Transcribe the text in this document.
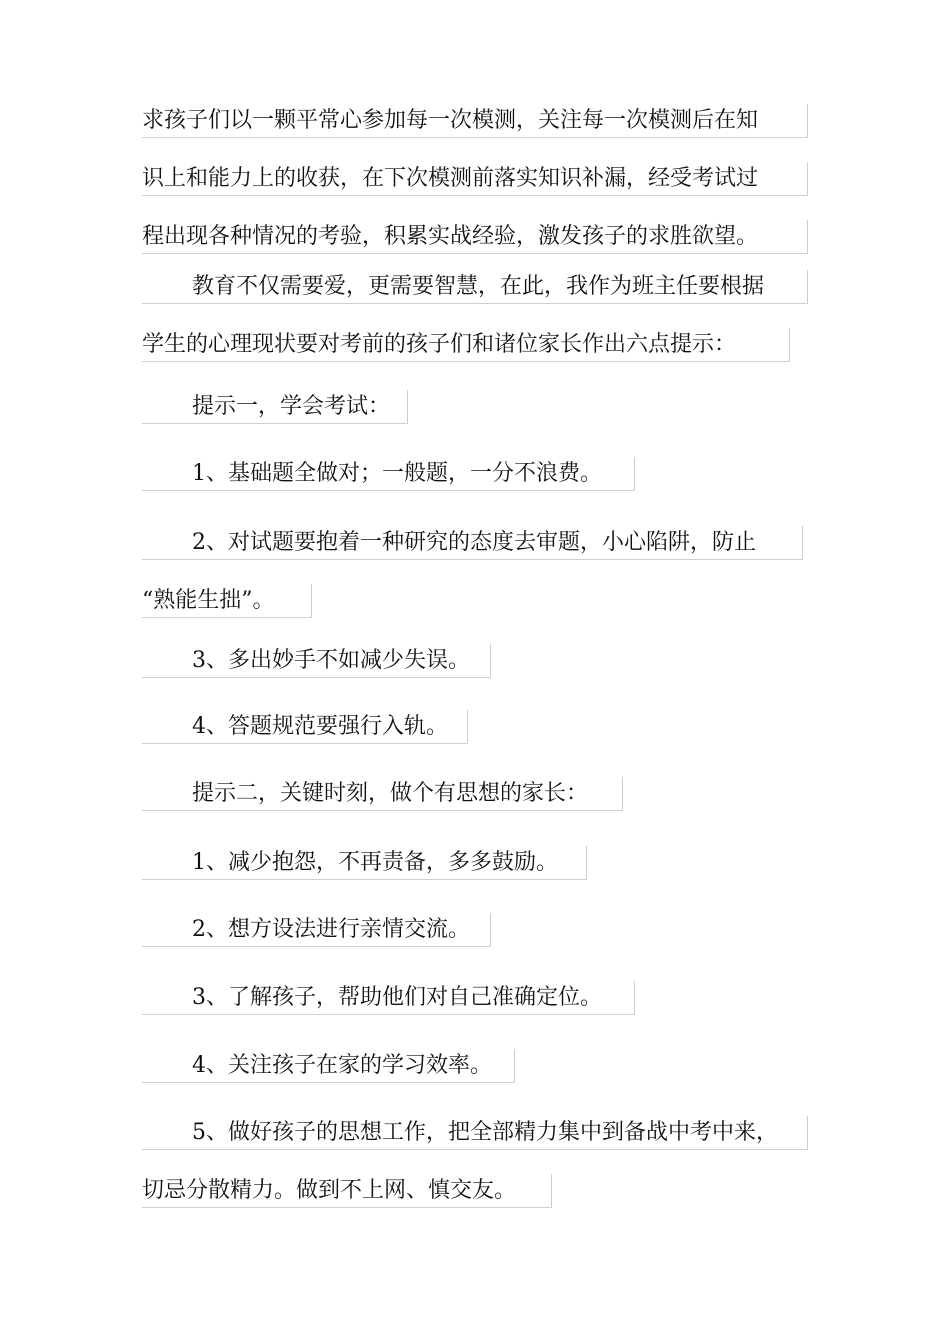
求孩子们以一颗平常心参加每一次模测，关注每一次模测后在知
识上和能力上的收获，在下次模测前落实知识补漏，经受考试过
程出现各种情况的考验，积累实战经验，激发孩子的求胜欲望。
教育不仅需要爱，更需要智慧，在此，我作为班主任要根据
学生的心理现状要对考前的孩子们和诸位家长作出六点提示：
提示一，学会考试：
1、基础题全做对；一般题，一分不浪费。
2、对试题要抱着一种研究的态度去审题，小心陷阱，防止
“熟能生拙”。
3、多出妙手不如减少失误。
4、答题规范要强行入轨。
提示二，关键时刻，做个有思想的家长：
1、减少抱怨，不再责备，多多鼓励。
2、想方设法进行亲情交流。
3、了解孩子，帮助他们对自己准确定位。
4、关注孩子在家的学习效率。
5、做好孩子的思想工作，把全部精力集中到备战中考中来，
切忌分散精力。做到不上网、慎交友。
